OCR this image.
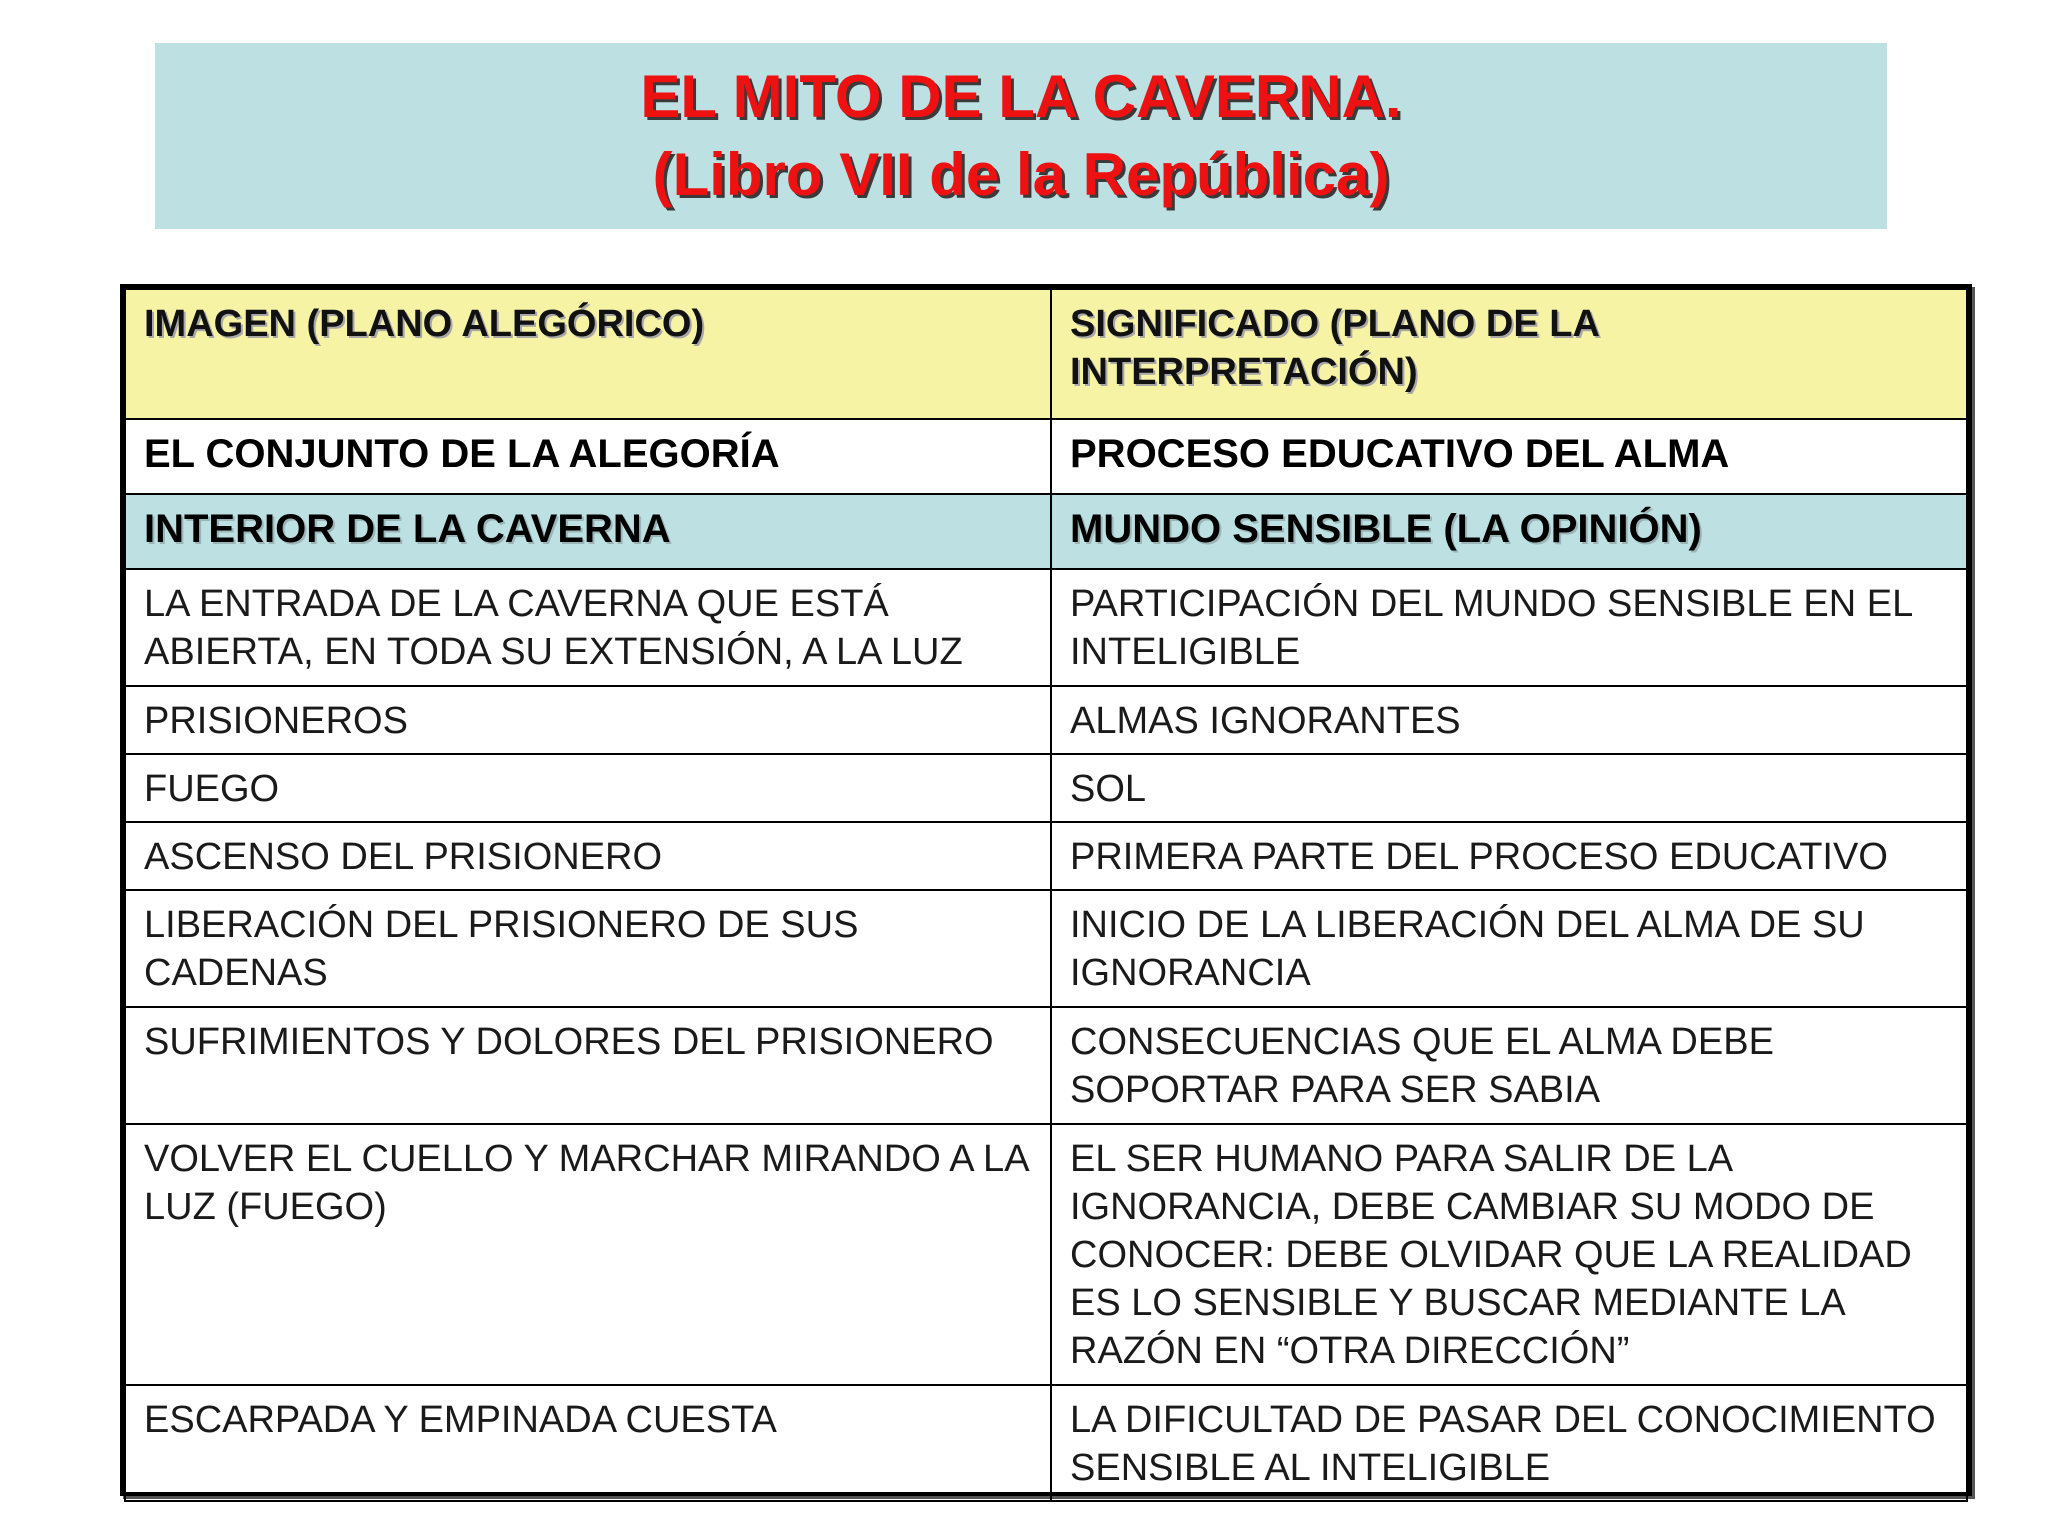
EL MITO DE LA CAVERNA.
(Libro VII de la República)
IMAGEN (PLANO ALEGÓRICO)	SIGNIFICADO (PLANO DE LA INTERPRETACIÓN)
EL CONJUNTO DE LA ALEGORÍA	PROCESO EDUCATIVO DEL ALMA
INTERIOR DE LA CAVERNA	MUNDO SENSIBLE (LA OPINIÓN)
LA ENTRADA DE LA CAVERNA QUE ESTÁ ABIERTA, EN TODA SU EXTENSIÓN, A LA LUZ	PARTICIPACIÓN DEL MUNDO SENSIBLE EN EL INTELIGIBLE
PRISIONEROS	ALMAS IGNORANTES
FUEGO	SOL
ASCENSO DEL PRISIONERO	PRIMERA PARTE DEL PROCESO EDUCATIVO
LIBERACIÓN DEL PRISIONERO DE SUS CADENAS	INICIO DE LA LIBERACIÓN DEL ALMA DE SU IGNORANCIA
SUFRIMIENTOS Y DOLORES DEL PRISIONERO	CONSECUENCIAS QUE EL ALMA DEBE SOPORTAR PARA SER SABIA
VOLVER EL CUELLO Y MARCHAR MIRANDO A LA LUZ (FUEGO)	EL SER HUMANO PARA SALIR DE LA IGNORANCIA, DEBE CAMBIAR SU MODO DE CONOCER: DEBE OLVIDAR QUE LA REALIDAD ES LO SENSIBLE Y BUSCAR MEDIANTE LA RAZÓN EN “OTRA DIRECCIÓN”
ESCARPADA Y EMPINADA CUESTA	LA DIFICULTAD DE PASAR DEL CONOCIMIENTO SENSIBLE AL INTELIGIBLE
